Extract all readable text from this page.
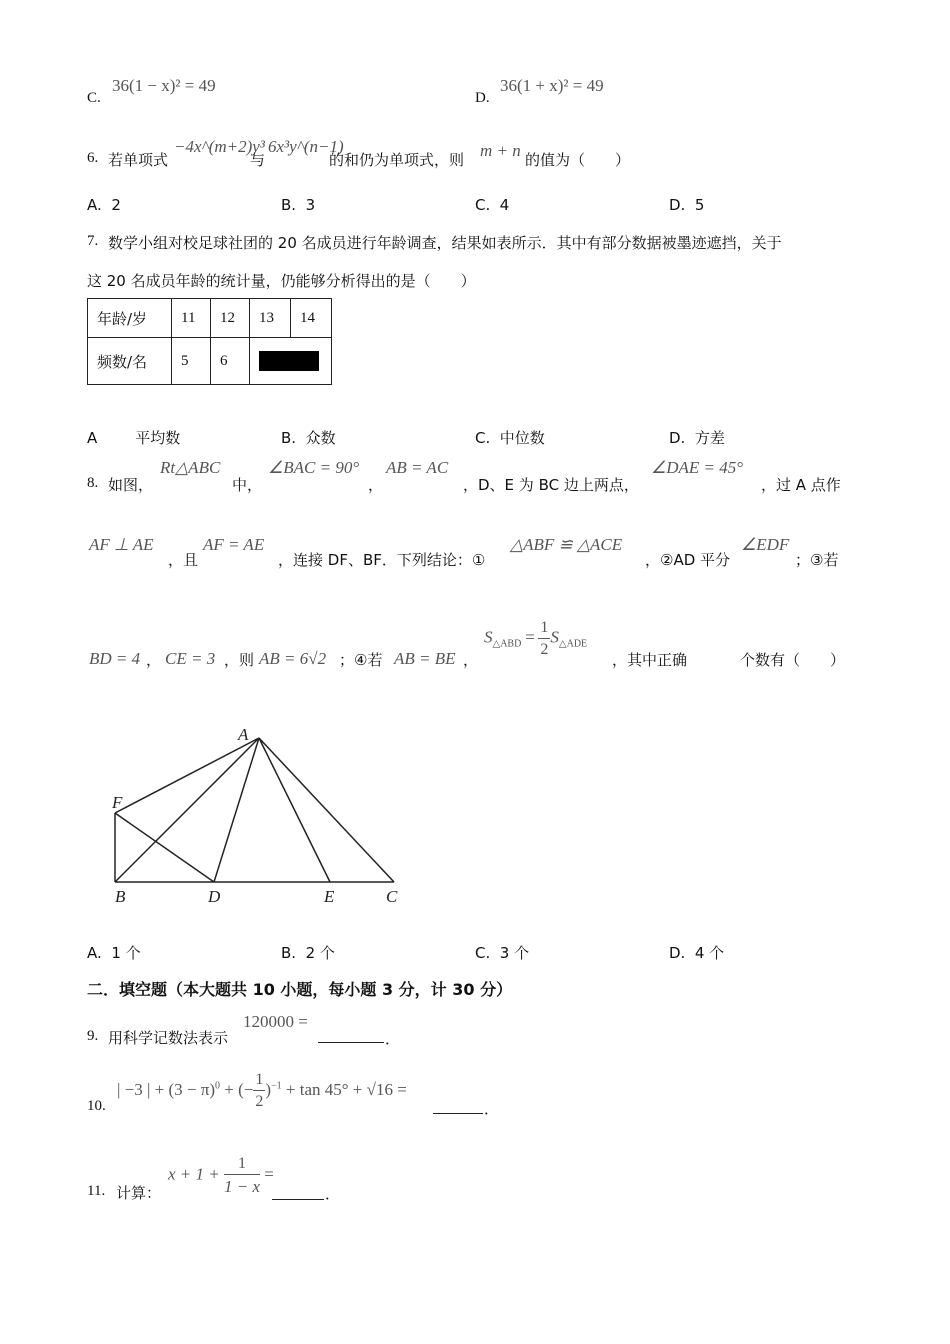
C.
36(1 − x)² = 49
D.
36(1 + x)² = 49
6. 若单项式
−4x^(m+2)y³
与
6x³y^(n−1)
的和仍为单项式，则 m + n 的值为（　　）
A. 2	B. 3	C. 4	D. 5
7. 数学小组对校足球社团的 20 名成员进行年龄调查，结果如表所示．其中有部分数据被墨迹遮挡，关于
这 20 名成员年龄的统计量，仍能够分析得出的是（　　）
年龄/岁	11	12	13	14
频数/名	5	6		
A	平均数	B. 众数	C. 中位数	D. 方差
8. 如图，
Rt△ABC
中，
∠BAC = 90°
，
AB = AC
，D、E 为 BC 边上两点，
∠DAE = 45°
，过 A 点作
AF ⊥ AE
，且
AF = AE
，连接 DF、BF．下列结论：①
△ABF ≌ △ACE
，②AD 平分
∠EDF
；③若
BD = 4 ， CE = 3 ，则 AB = 6√2 ；④若 AB = BE ，
$S_{\triangle ABD} = \frac{1}{2} S_{\triangle ADE}$
，其中正确	个数有（　　）
A
F
B	D	E	C
A. 1 个	B. 2 个	C. 3 个	D. 4 个
二．填空题（本大题共 10 小题，每小题 3 分，计 30 分）
9. 用科学记数法表示
120000 =
．
10.
| −3 | + $(3 - \pi)^0$ + (− $\frac{1}{2} )^{-1} + \tan 45^\circ + √16$ =
．
11. 计算：
$x + 1 + \frac{1}{1 - x}$ =
．
